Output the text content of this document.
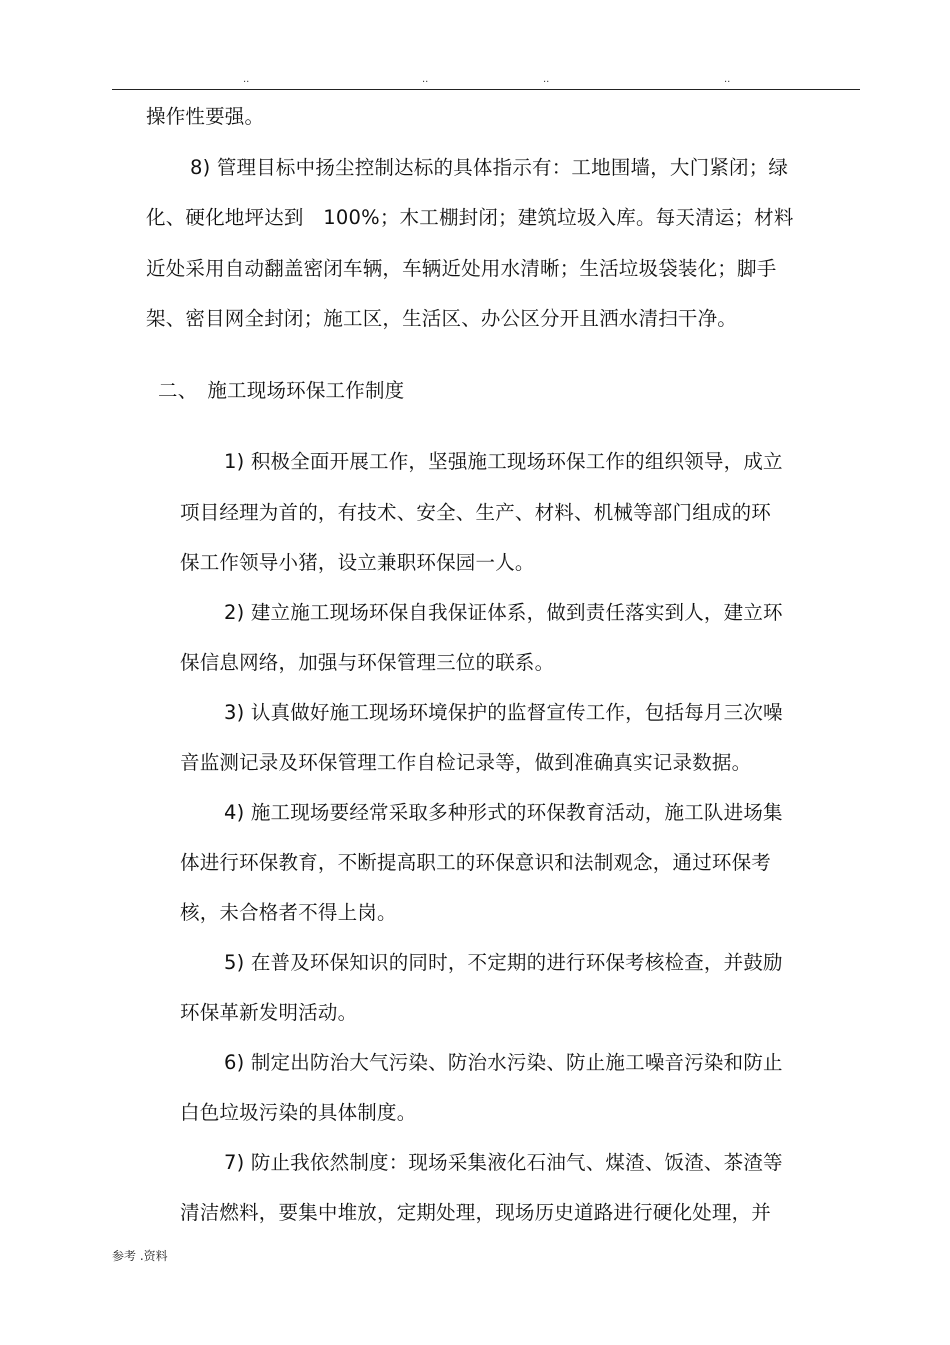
..	..	..	..
操作性要强。
8) 管理目标中扬尘控制达标的具体指示有：工地围墙，大门紧闭；绿
化、硬化地坪达到　100%；木工棚封闭；建筑垃圾入库。每天清运；材料
近处采用自动翻盖密闭车辆，车辆近处用水清晰；生活垃圾袋装化；脚手
架、密目网全封闭；施工区，生活区、办公区分开且洒水清扫干净。
二、　施工现场环保工作制度
1) 积极全面开展工作，坚强施工现场环保工作的组织领导，成立
项目经理为首的，有技术、安全、生产、材料、机械等部门组成的环
保工作领导小猪，设立兼职环保园一人。
2) 建立施工现场环保自我保证体系，做到责任落实到人，建立环
保信息网络，加强与环保管理三位的联系。
3) 认真做好施工现场环境保护的监督宣传工作，包括每月三次噪
音监测记录及环保管理工作自检记录等，做到准确真实记录数据。
4) 施工现场要经常采取多种形式的环保教育活动，施工队进场集
体进行环保教育，不断提高职工的环保意识和法制观念，通过环保考
核，未合格者不得上岗。
5) 在普及环保知识的同时，不定期的进行环保考核检查，并鼓励
环保革新发明活动。
6) 制定出防治大气污染、防治水污染、防止施工噪音污染和防止
白色垃圾污染的具体制度。
7) 防止我依然制度：现场采集液化石油气、煤渣、饭渣、茶渣等
清洁燃料，要集中堆放，定期处理，现场历史道路进行硬化处理，并
参考 .资料
